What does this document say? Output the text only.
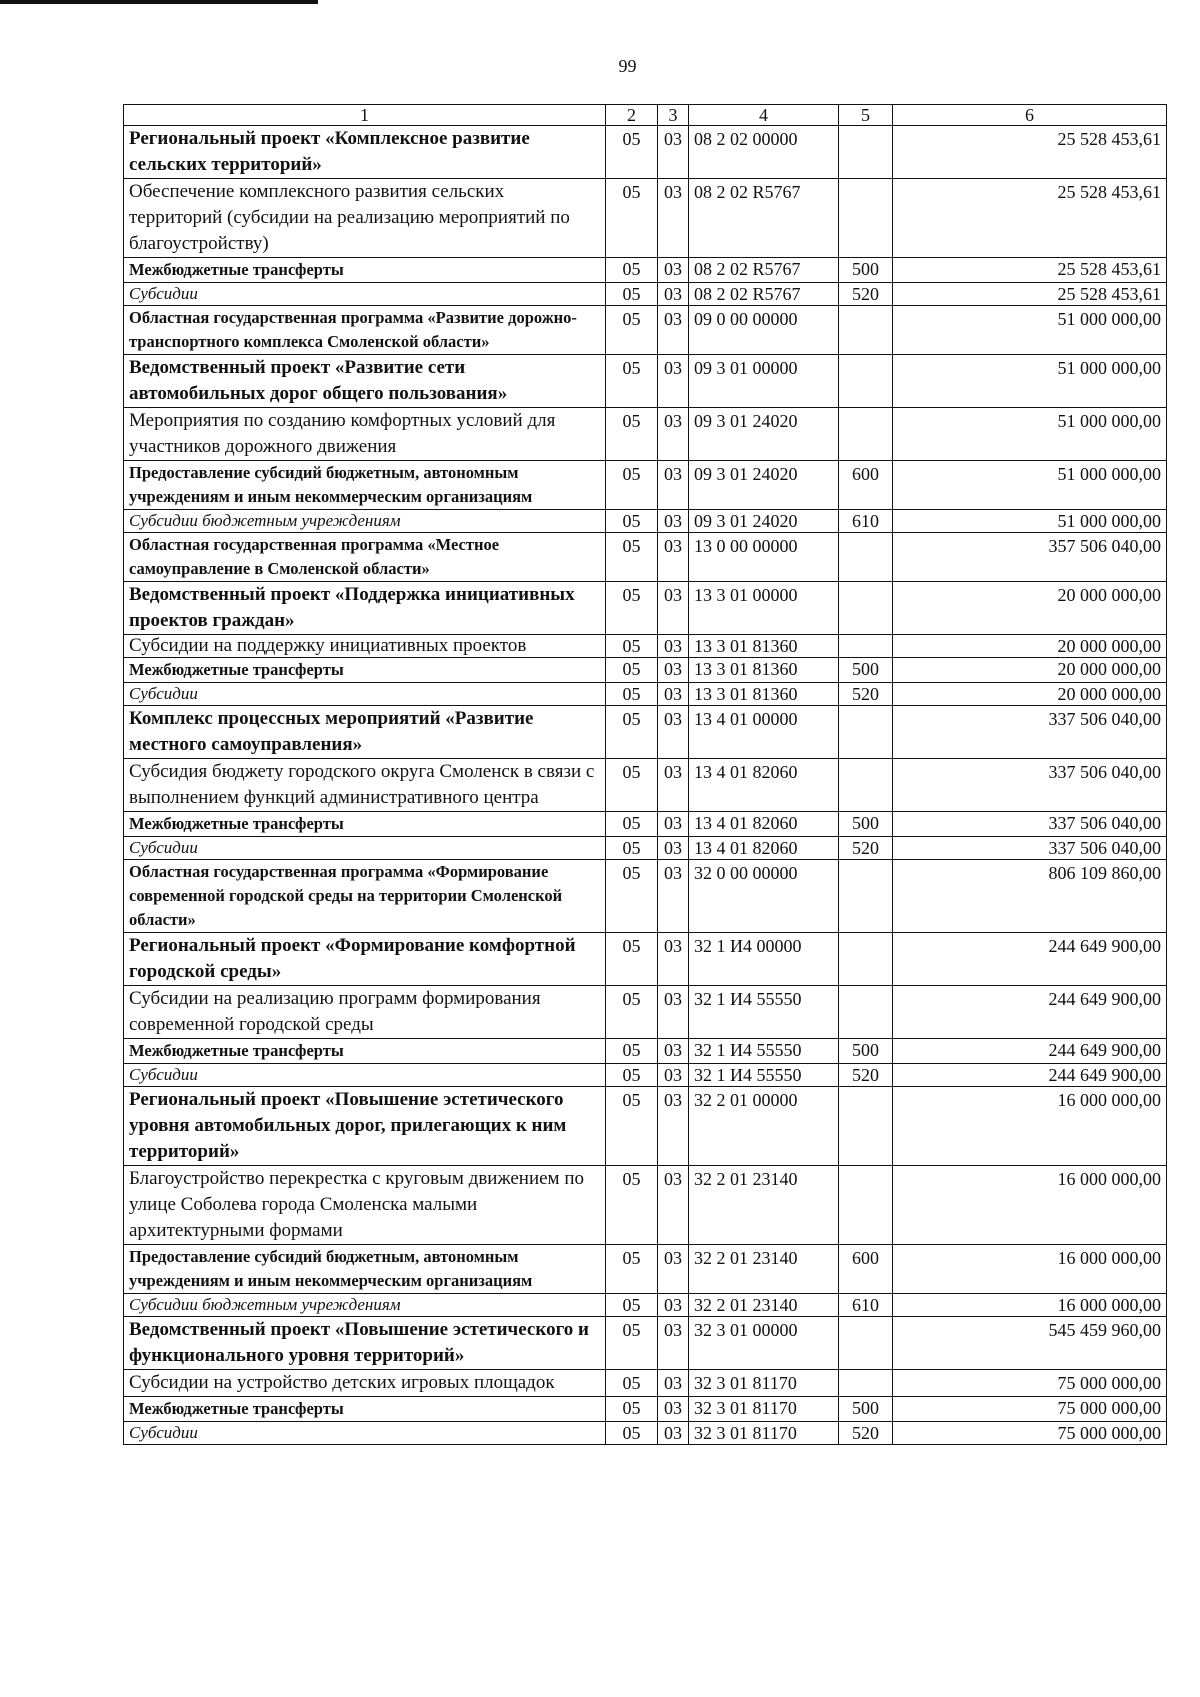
99
1	2	3	4	5	6
Региональный проект «Комплексное развитие сельских территорий»	05	03	08 2 02 00000		25 528 453,61
Обеспечение комплексного развития сельских территорий (субсидии на реализацию мероприятий по благоустройству)	05	03	08 2 02 R5767		25 528 453,61
Межбюджетные трансферты	05	03	08 2 02 R5767	500	25 528 453,61
Субсидии	05	03	08 2 02 R5767	520	25 528 453,61
Областная государственная программа «Развитие дорожно-транспортного комплекса Смоленской области»	05	03	09 0 00 00000		51 000 000,00
Ведомственный проект «Развитие сети автомобильных дорог общего пользования»	05	03	09 3 01 00000		51 000 000,00
Мероприятия по созданию комфортных условий для участников дорожного движения	05	03	09 3 01 24020		51 000 000,00
Предоставление субсидий бюджетным, автономным учреждениям и иным некоммерческим организациям	05	03	09 3 01 24020	600	51 000 000,00
Субсидии бюджетным учреждениям	05	03	09 3 01 24020	610	51 000 000,00
Областная государственная программа «Местное самоуправление в Смоленской области»	05	03	13 0 00 00000		357 506 040,00
Ведомственный проект «Поддержка инициативных проектов граждан»	05	03	13 3 01 00000		20 000 000,00
Субсидии на поддержку инициативных проектов	05	03	13 3 01 81360		20 000 000,00
Межбюджетные трансферты	05	03	13 3 01 81360	500	20 000 000,00
Субсидии	05	03	13 3 01 81360	520	20 000 000,00
Комплекс процессных мероприятий «Развитие местного самоуправления»	05	03	13 4 01 00000		337 506 040,00
Субсидия бюджету городского округа Смоленск в связи с выполнением функций административного центра	05	03	13 4 01 82060		337 506 040,00
Межбюджетные трансферты	05	03	13 4 01 82060	500	337 506 040,00
Субсидии	05	03	13 4 01 82060	520	337 506 040,00
Областная государственная программа «Формирование современной городской среды на территории Смоленской области»	05	03	32 0 00 00000		806 109 860,00
Региональный проект «Формирование комфортной городской среды»	05	03	32 1 И4 00000		244 649 900,00
Субсидии на реализацию программ формирования современной городской среды	05	03	32 1 И4 55550		244 649 900,00
Межбюджетные трансферты	05	03	32 1 И4 55550	500	244 649 900,00
Субсидии	05	03	32 1 И4 55550	520	244 649 900,00
Региональный проект «Повышение эстетического уровня автомобильных дорог, прилегающих к ним территорий»	05	03	32 2 01 00000		16 000 000,00
Благоустройство перекрестка с круговым движением по улице Соболева города Смоленска малыми архитектурными формами	05	03	32 2 01 23140		16 000 000,00
Предоставление субсидий бюджетным, автономным учреждениям и иным некоммерческим организациям	05	03	32 2 01 23140	600	16 000 000,00
Субсидии бюджетным учреждениям	05	03	32 2 01 23140	610	16 000 000,00
Ведомственный проект «Повышение эстетического и функционального уровня территорий»	05	03	32 3 01 00000		545 459 960,00
Субсидии на устройство детских игровых площадок	05	03	32 3 01 81170		75 000 000,00
Межбюджетные трансферты	05	03	32 3 01 81170	500	75 000 000,00
Субсидии	05	03	32 3 01 81170	520	75 000 000,00
